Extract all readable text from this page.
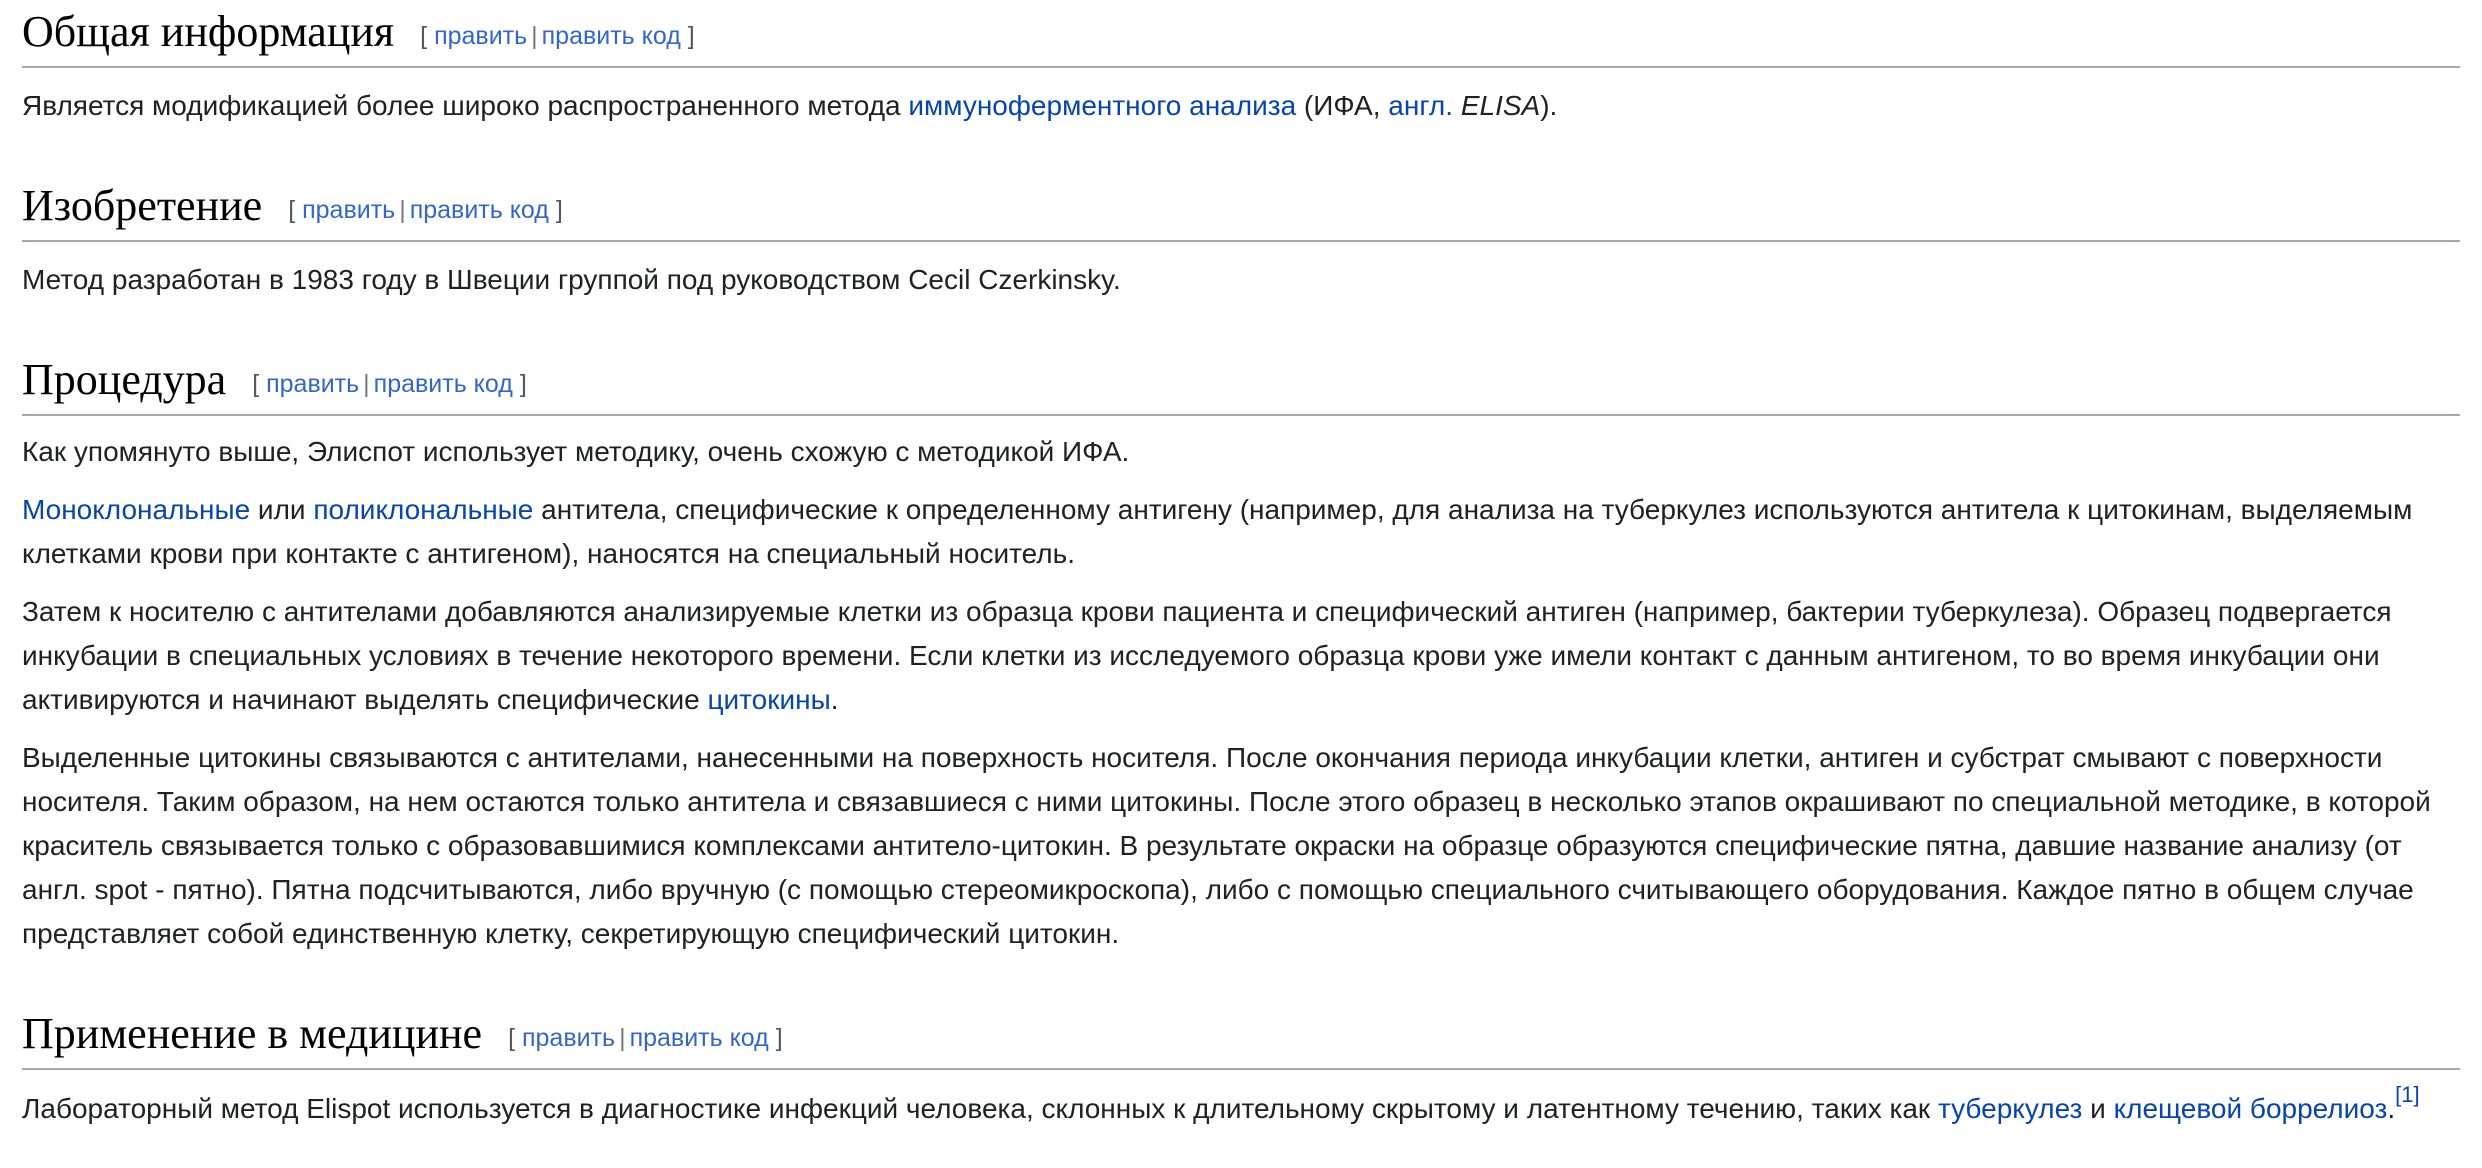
Общая информация [ править | править код ]

Является модификацией более широко распространенного метода иммуноферментного анализа (ИФА, англ. ELISA).

Изобретение [ править | править код ]

Метод разработан в 1983 году в Швеции группой под руководством Cecil Czerkinsky.

Процедура [ править | править код ]

Как упомянуто выше, Элиспот использует методику, очень схожую с методикой ИФА.

Моноклональные или поликлональные антитела, специфические к определенному антигену (например, для анализа на туберкулез используются антитела к цитокинам, выделяемым клетками крови при контакте с антигеном), наносятся на специальный носитель.

Затем к носителю с антителами добавляются анализируемые клетки из образца крови пациента и специфический антиген (например, бактерии туберкулеза). Образец подвергается инкубации в специальных условиях в течение некоторого времени. Если клетки из исследуемого образца крови уже имели контакт с данным антигеном, то во время инкубации они активируются и начинают выделять специфические цитокины.

Выделенные цитокины связываются с антителами, нанесенными на поверхность носителя. После окончания периода инкубации клетки, антиген и субстрат смывают с поверхности носителя. Таким образом, на нем остаются только антитела и связавшиеся с ними цитокины. После этого образец в несколько этапов окрашивают по специальной методике, в которой краситель связывается только с образовавшимися комплексами антитело-цитокин. В результате окраски на образце образуются специфические пятна, давшие название анализу (от англ. spot - пятно). Пятна подсчитываются, либо вручную (с помощью стереомикроскопа), либо с помощью специального считывающего оборудования. Каждое пятно в общем случае представляет собой единственную клетку, секретирующую специфический цитокин.

Применение в медицине [ править | править код ]

Лабораторный метод Elispot используется в диагностике инфекций человека, склонных к длительному скрытому и латентному течению, таких как туберкулез и клещевой боррелиоз.[1]
